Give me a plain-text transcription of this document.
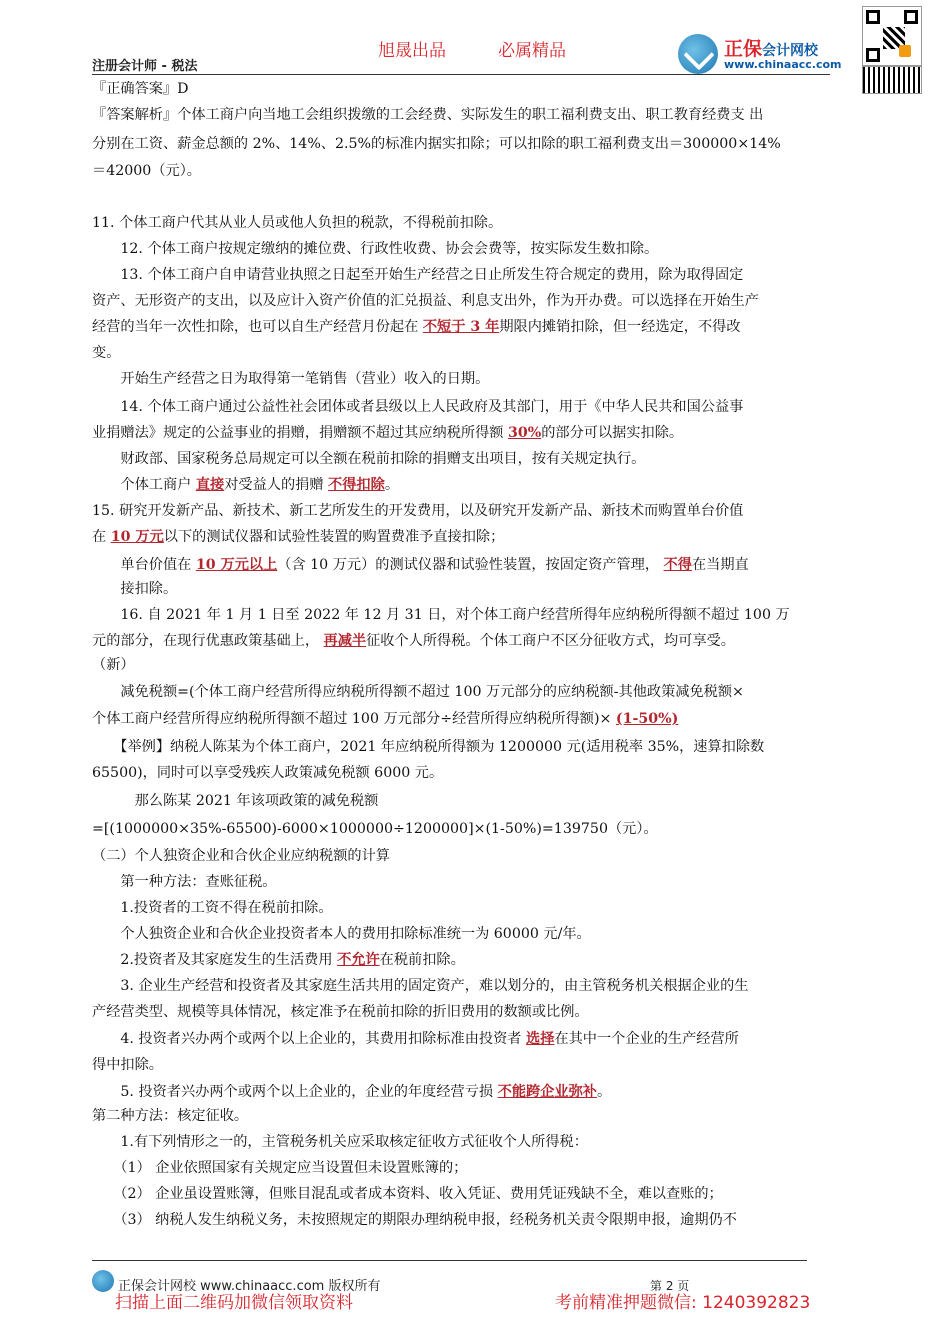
旭晟出品	必属精品
注册会计师 - 税法
正保会计网校
www.chinaacc.com
『正确答案』D
『答案解析』个体工商户向当地工会组织拨缴的工会经费、实际发生的职工福利费支出、职工教育经费支 出
分别在工资、薪金总额的 2%、14%、2.5%的标准内据实扣除；可以扣除的职工福利费支出＝300000×14%
＝42000（元）。
11. 个体工商户代其从业人员或他人负担的税款，不得税前扣除。
　　12. 个体工商户按规定缴纳的摊位费、行政性收费、协会会费等，按实际发生数扣除。
　　13. 个体工商户自申请营业执照之日起至开始生产经营之日止所发生符合规定的费用，除为取得固定
资产、无形资产的支出，以及应计入资产价值的汇兑损益、利息支出外，作为开办费。可以选择在开始生产
经营的当年一次性扣除，也可以自生产经营月份起在 不短于 3 年期限内摊销扣除，但一经选定，不得改
变。
　　开始生产经营之日为取得第一笔销售（营业）收入的日期。
　　14. 个体工商户通过公益性社会团体或者县级以上人民政府及其部门，用于《中华人民共和国公益事
业捐赠法》规定的公益事业的捐赠，捐赠额不超过其应纳税所得额 30%的部分可以据实扣除。
　　财政部、国家税务总局规定可以全额在税前扣除的捐赠支出项目，按有关规定执行。
　　个体工商户 直接对受益人的捐赠 不得扣除。
15. 研究开发新产品、新技术、新工艺所发生的开发费用，以及研究开发新产品、新技术而购置单台价值
在 10 万元以下的测试仪器和试验性装置的购置费准予直接扣除；
　　单台价值在 10 万元以上（含 10 万元）的测试仪器和试验性装置，按固定资产管理， 不得在当期直
　　接扣除。
　　16. 自 2021 年 1 月 1 日至 2022 年 12 月 31 日，对个体工商户经营所得年应纳税所得额不超过 100 万
元的部分，在现行优惠政策基础上， 再减半征收个人所得税。个体工商户不区分征收方式，均可享受。
（新）
　　减免税额=(个体工商户经营所得应纳税所得额不超过 100 万元部分的应纳税额-其他政策减免税额×
个体工商户经营所得应纳税所得额不超过 100 万元部分÷经营所得应纳税所得额)× (1-50%)
　　【举例】纳税人陈某为个体工商户，2021 年应纳税所得额为 1200000 元(适用税率 35%，速算扣除数
65500)，同时可以享受残疾人政策减免税额 6000 元。
　　　那么陈某 2021 年该项政策的减免税额
=[(1000000×35%-65500)-6000×1000000÷1200000]×(1-50%)=139750（元）。
（二）个人独资企业和合伙企业应纳税额的计算
　　第一种方法：查账征税。
　　1.投资者的工资不得在税前扣除。
　　个人独资企业和合伙企业投资者本人的费用扣除标准统一为 60000 元/年。
　　2.投资者及其家庭发生的生活费用 不允许在税前扣除。
　　3. 企业生产经营和投资者及其家庭生活共用的固定资产，难以划分的，由主管税务机关根据企业的生
产经营类型、规模等具体情况，核定准予在税前扣除的折旧费用的数额或比例。
　　4. 投资者兴办两个或两个以上企业的，其费用扣除标准由投资者 选择在其中一个企业的生产经营所
得中扣除。
　　5. 投资者兴办两个或两个以上企业的，企业的年度经营亏损 不能跨企业弥补。
第二种方法：核定征收。
　　1.有下列情形之一的，主管税务机关应采取核定征收方式征收个人所得税：
　　（1） 企业依照国家有关规定应当设置但未设置账簿的；
　　（2） 企业虽设置账簿，但账目混乱或者成本资料、收入凭证、费用凭证残缺不全，难以查账的；
　　（3） 纳税人发生纳税义务，未按照规定的期限办理纳税申报，经税务机关责令限期申报，逾期仍不
正保会计网校 www.chinaacc.com 版权所有	第 2 页
扫描上面二维码加微信领取资料	考前精准押题微信: 1240392823
